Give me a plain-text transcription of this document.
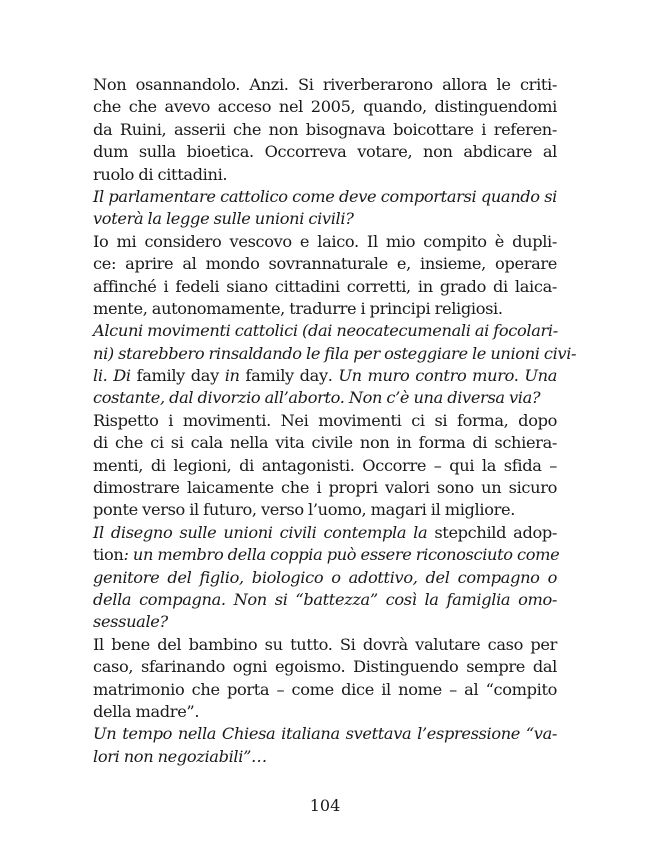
Non osannandolo. Anzi. Si riverberarono allora le criti-
che che avevo acceso nel 2005, quando, distinguendomi
da Ruini, asserii che non bisognava boicottare i referen-
dum sulla bioetica. Occorreva votare, non abdicare al
ruolo di cittadini.
Il parlamentare cattolico come deve comportarsi quando si
voterà la legge sulle unioni civili?
Io mi considero vescovo e laico. Il mio compito è dupli-
ce: aprire al mondo sovrannaturale e, insieme, operare
affinché i fedeli siano cittadini corretti, in grado di laica-
mente, autonomamente, tradurre i principi religiosi.
Alcuni movimenti cattolici (dai neocatecumenali ai focolari-
ni) starebbero rinsaldando le fila per osteggiare le unioni civi-
li. Di family day in family day. Un muro contro muro. Una
costante, dal divorzio all’aborto. Non c’è una diversa via?
Rispetto i movimenti. Nei movimenti ci si forma, dopo
di che ci si cala nella vita civile non in forma di schiera-
menti, di legioni, di antagonisti. Occorre – qui la sfida –
dimostrare laicamente che i propri valori sono un sicuro
ponte verso il futuro, verso l’uomo, magari il migliore.
Il disegno sulle unioni civili contempla la stepchild adop-
tion: un membro della coppia può essere riconosciuto come
genitore del figlio, biologico o adottivo, del compagno o
della compagna. Non si “battezza” così la famiglia omo-
sessuale?
Il bene del bambino su tutto. Si dovrà valutare caso per
caso, sfarinando ogni egoismo. Distinguendo sempre dal
matrimonio che porta – come dice il nome – al “compito
della madre”.
Un tempo nella Chiesa italiana svettava l’espressione “va-
lori non negoziabili”…
104
